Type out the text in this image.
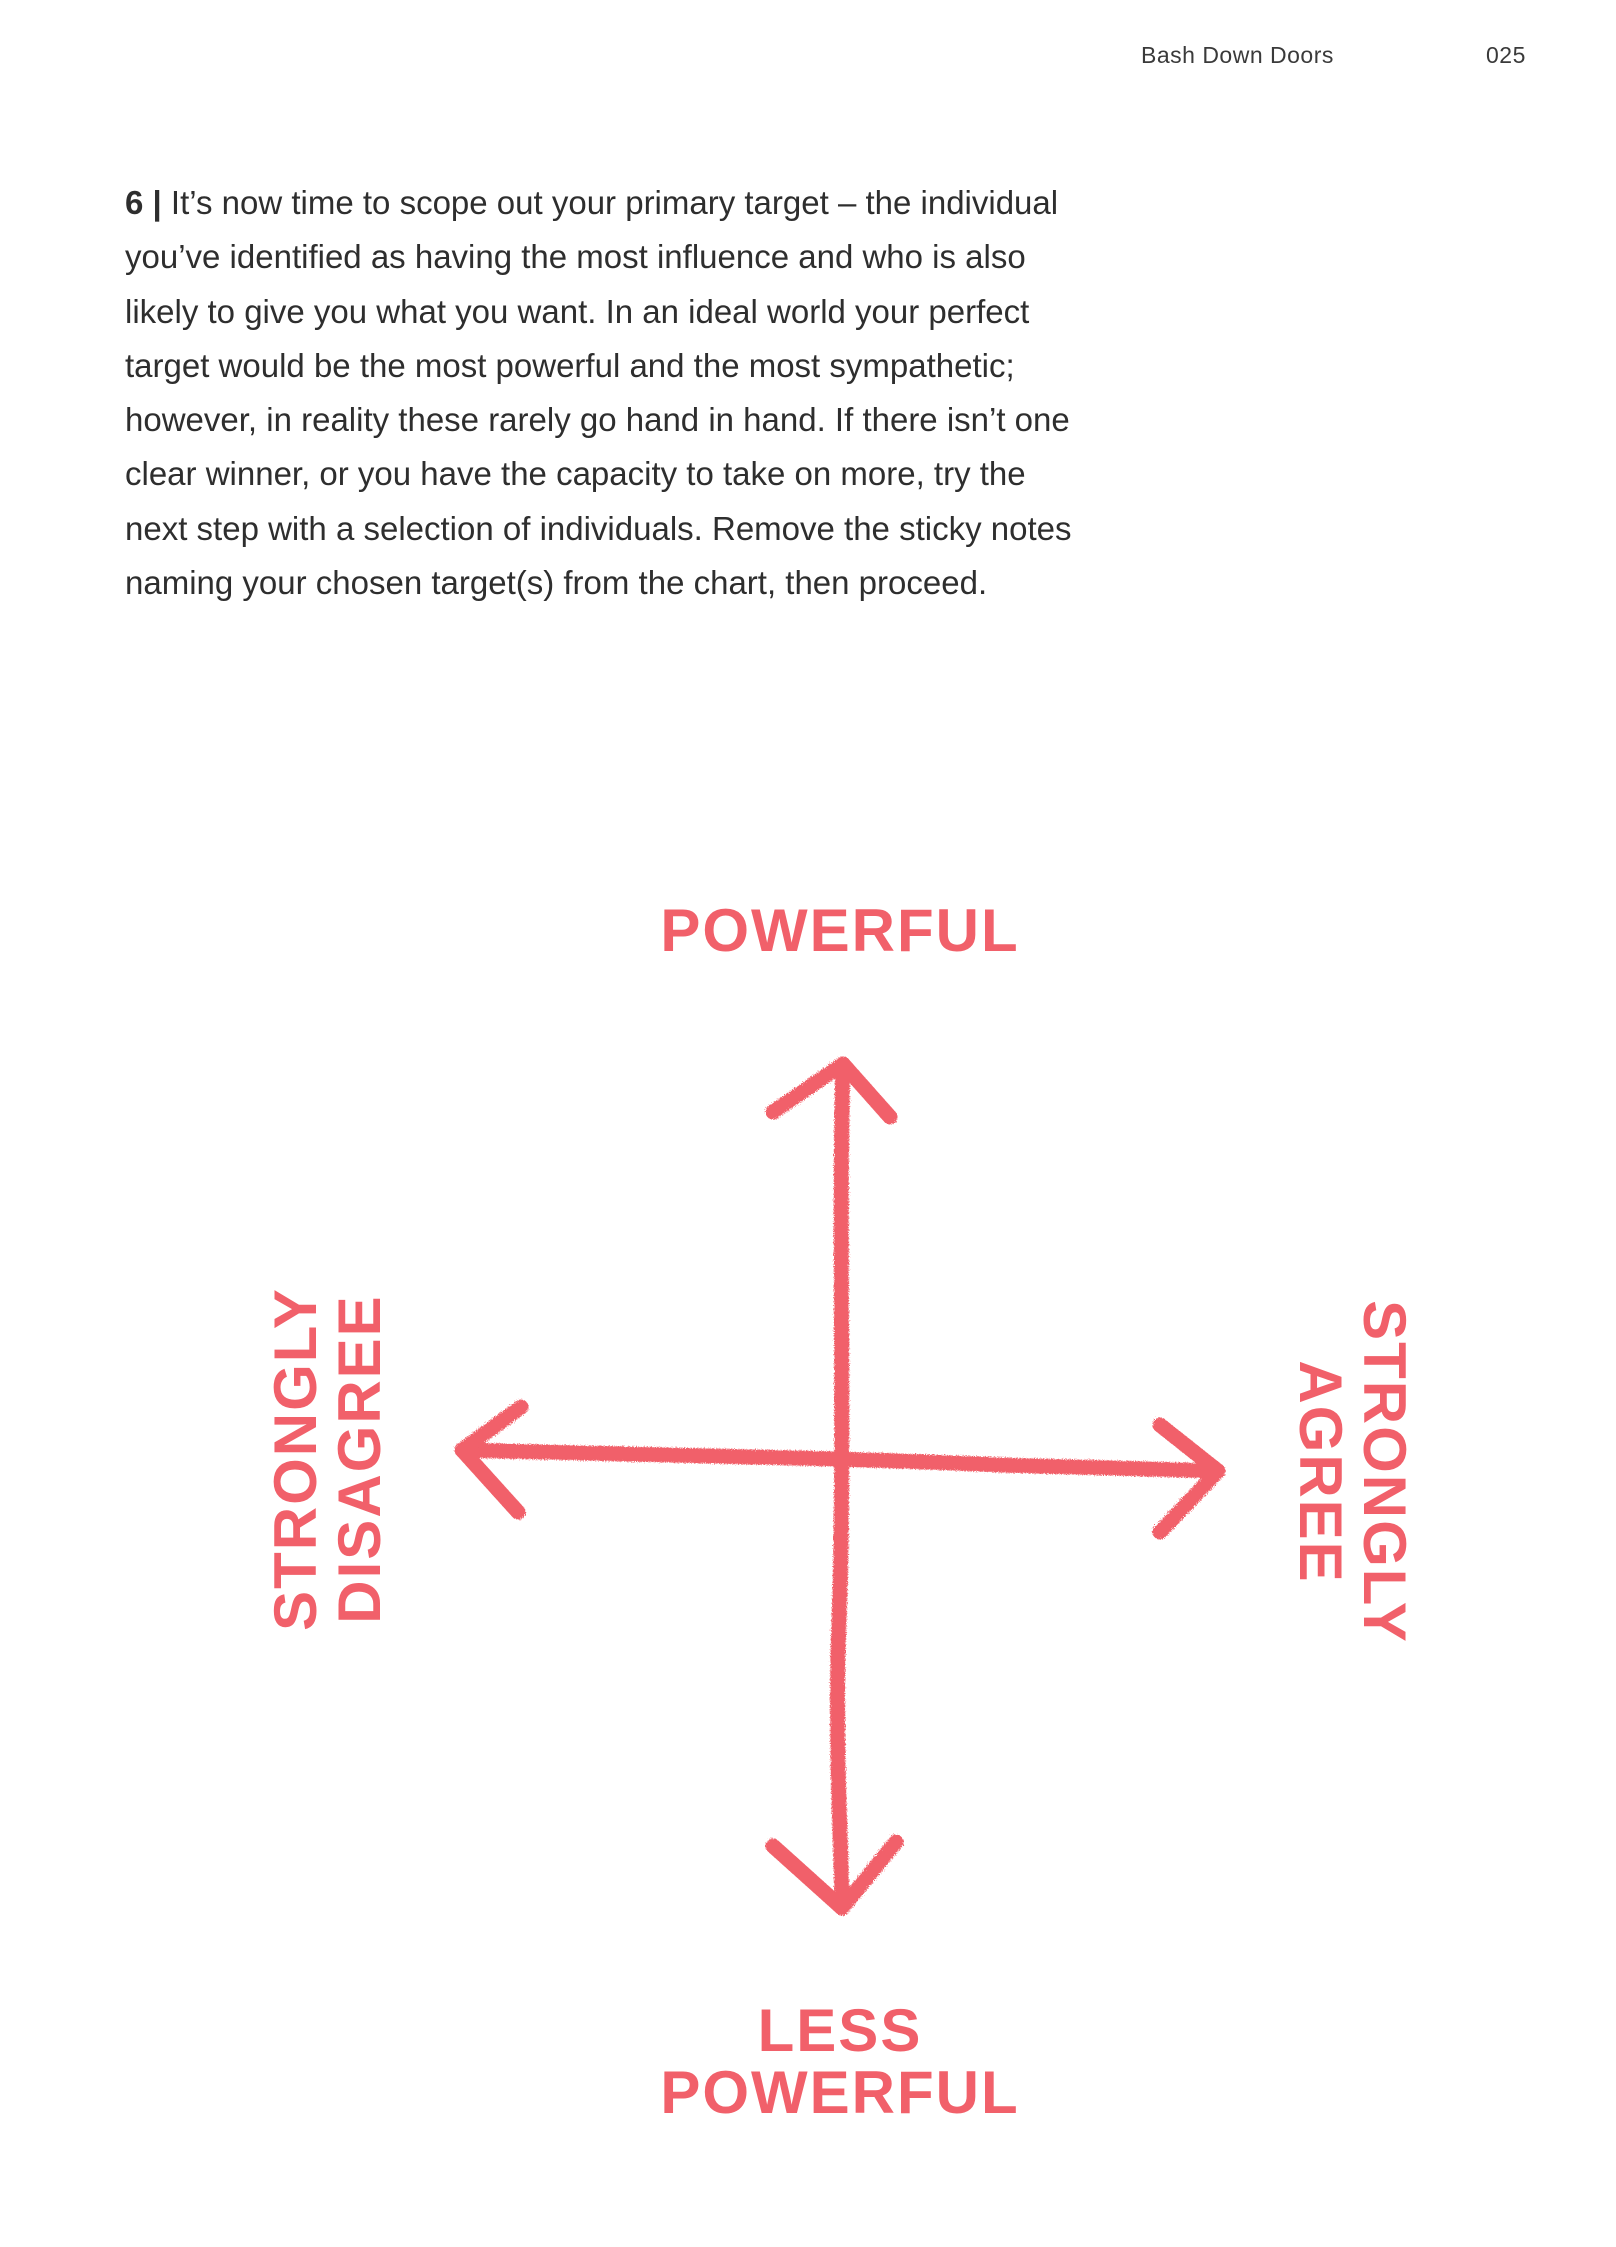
Bash Down Doors	025

6 | It’s now time to scope out your primary target – the individual

you’ve identified as having the most influence and who is also

likely to give you what you want. In an ideal world your perfect

target would be the most powerful and the most sympathetic;

however, in reality these rarely go hand in hand. If there isn’t one

clear winner, or you have the capacity to take on more, try the

next step with a selection of individuals. Remove the sticky notes

naming your chosen target(s) from the chart, then proceed.

POWERFUL
LESS
POWERFUL
STRONGLY
DISAGREE	STRONGLY
AGREE
